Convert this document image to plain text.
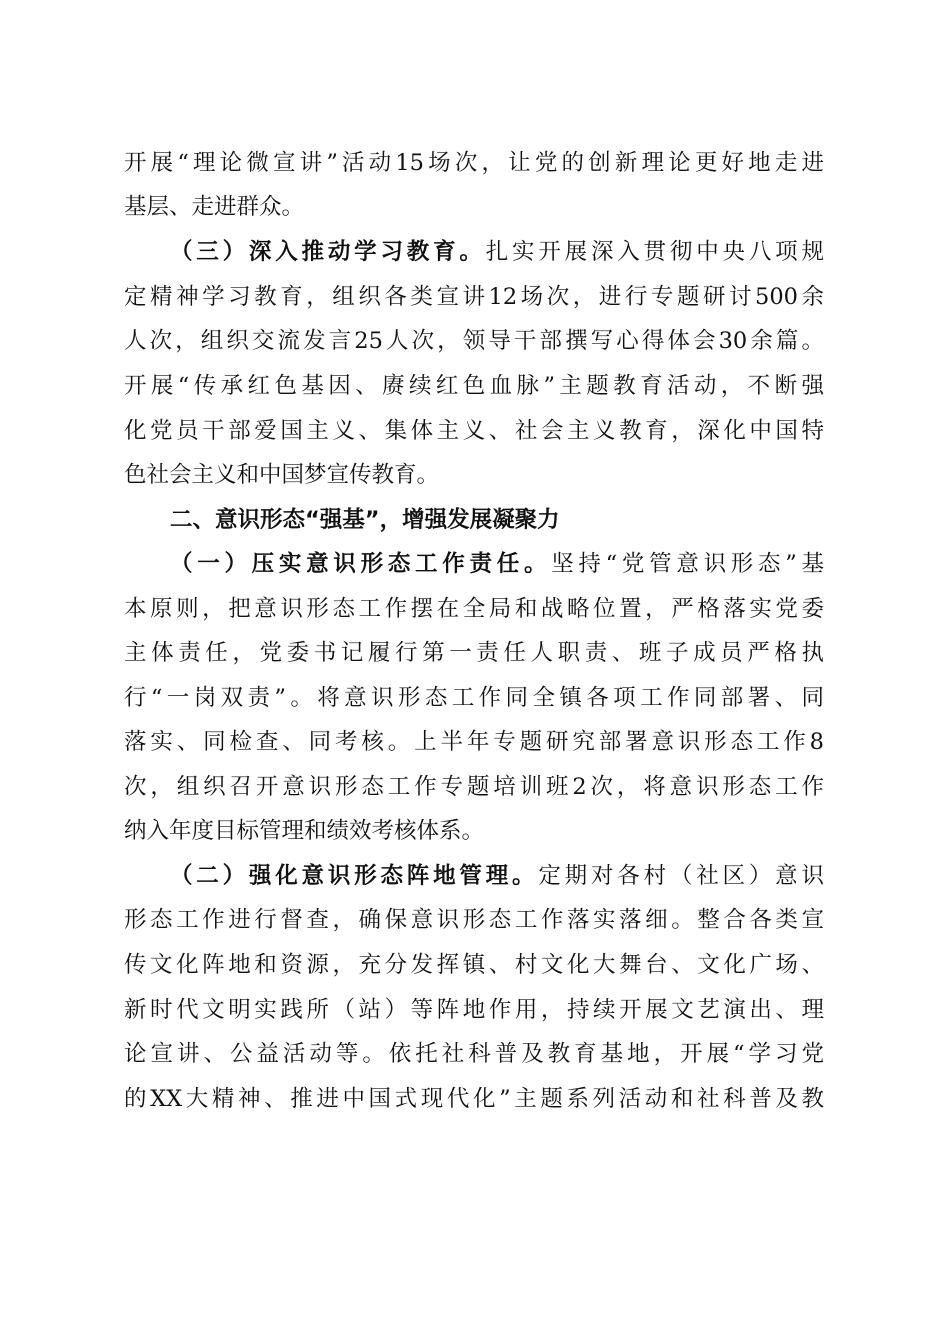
开展“理论微宣讲”活动15场次，让党的创新理论更好地走进
基层、走进群众。
（三）深入推动学习教育。扎实开展深入贯彻中央八项规
定精神学习教育，组织各类宣讲12场次，进行专题研讨500余
人次，组织交流发言25人次，领导干部撰写心得体会30余篇。
开展“传承红色基因、赓续红色血脉”主题教育活动，不断强
化党员干部爱国主义、集体主义、社会主义教育，深化中国特
色社会主义和中国梦宣传教育。
二、意识形态“强基”，增强发展凝聚力
（一）压实意识形态工作责任。坚持“党管意识形态”基
本原则，把意识形态工作摆在全局和战略位置，严格落实党委
主体责任，党委书记履行第一责任人职责、班子成员严格执
行“一岗双责”。将意识形态工作同全镇各项工作同部署、同
落实、同检查、同考核。上半年专题研究部署意识形态工作8
次，组织召开意识形态工作专题培训班2次，将意识形态工作
纳入年度目标管理和绩效考核体系。
（二）强化意识形态阵地管理。定期对各村（社区）意识
形态工作进行督查，确保意识形态工作落实落细。整合各类宣
传文化阵地和资源，充分发挥镇、村文化大舞台、文化广场、
新时代文明实践所（站）等阵地作用，持续开展文艺演出、理
论宣讲、公益活动等。依托社科普及教育基地，开展“学习党
的XX大精神、推进中国式现代化”主题系列活动和社科普及教
